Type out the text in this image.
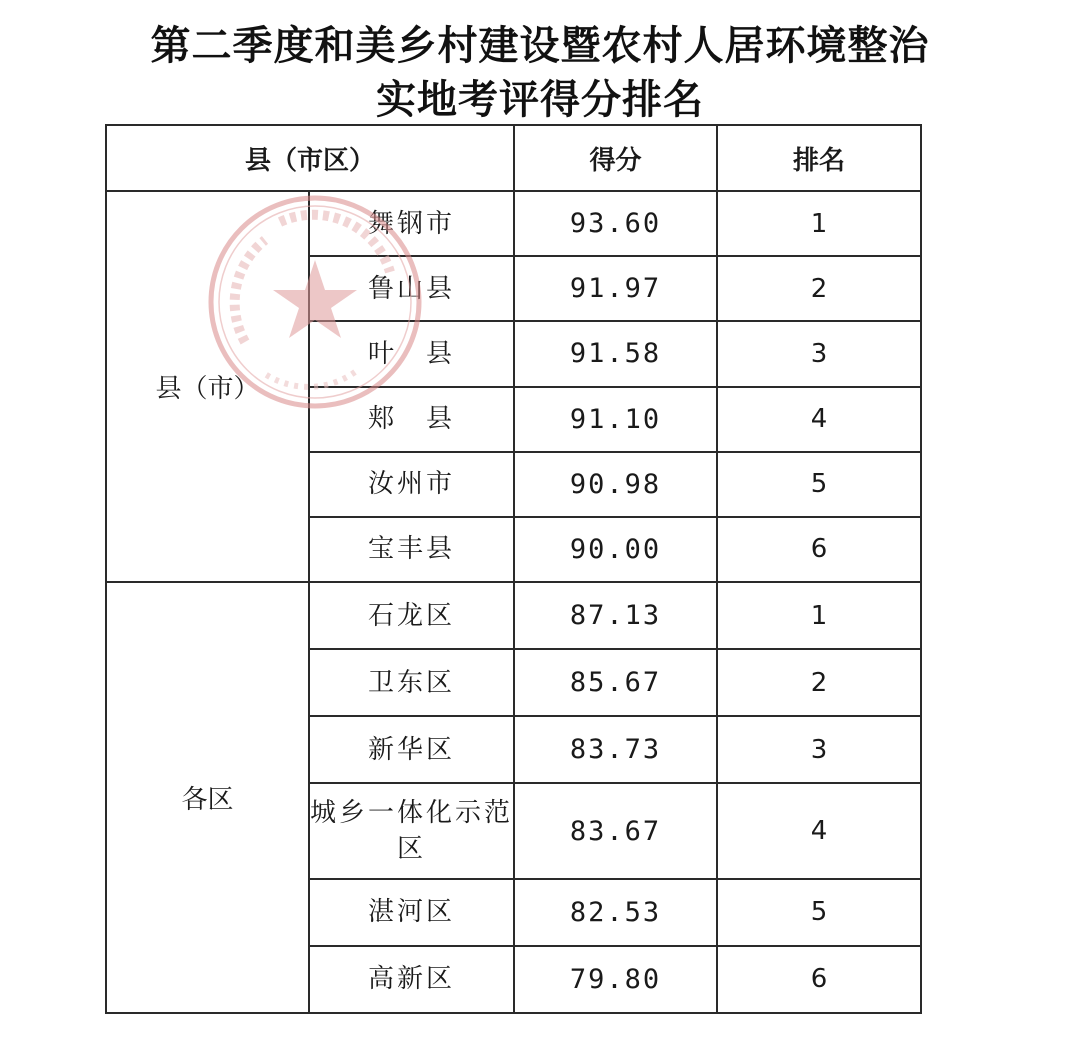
第二季度和美乡村建设暨农村人居环境整治
实地考评得分排名
县（市区）		得分	排名
县（市）	舞钢市	93.60	1
	鲁山县	91.97	2
	叶　县	91.58	3
	郏　县	91.10	4
	汝州市	90.98	5
	宝丰县	90.00	6
各区	石龙区	87.13	1
	卫东区	85.67	2
	新华区	83.73	3
	城乡一体化示范区	83.67	4
	湛河区	82.53	5
	高新区	79.80	6
